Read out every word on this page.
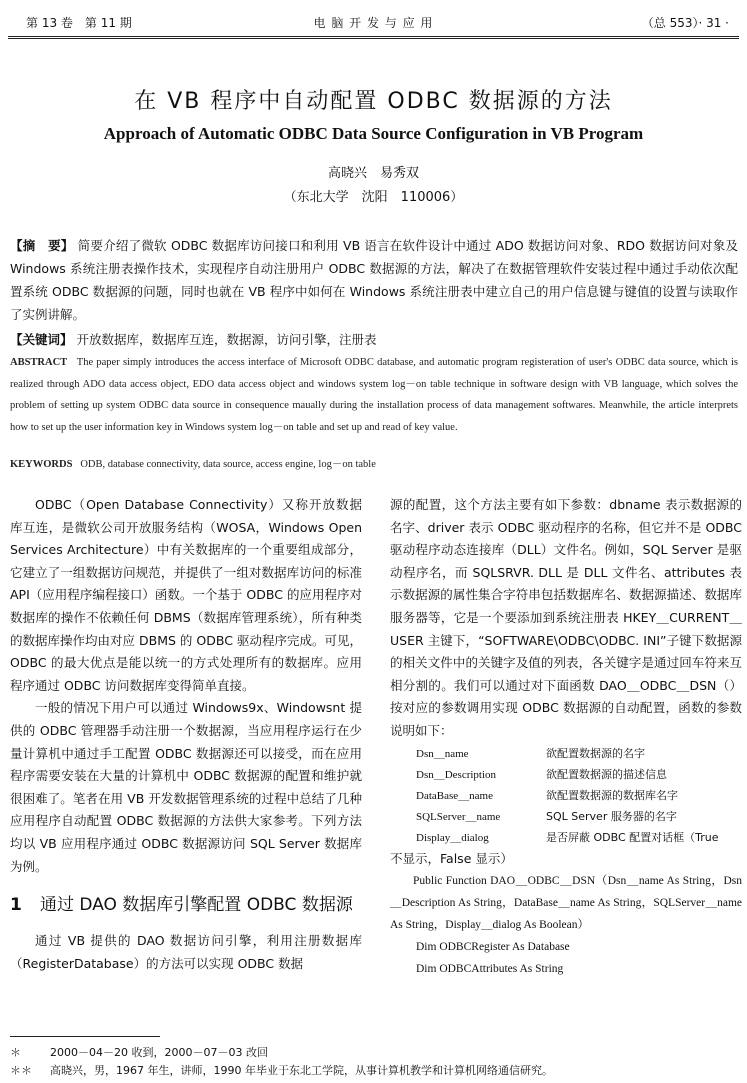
第 13 卷　第 11 期	电 脑 开 发 与 应 用	（总 553）· 31 ·
在 VB 程序中自动配置 ODBC 数据源的方法
Approach of Automatic ODBC Data Source Configuration in VB Program
高晓兴　易秀双
（东北大学　沈阳　110006）
【摘　要】 简要介绍了微软 ODBC 数据库访问接口和利用 VB 语言在软件设计中通过 ADO 数据访问对象、RDO 数据访问对象及 Windows 系统注册表操作技术，实现程序自动注册用户 ODBC 数据源的方法，解决了在数据管理软件安装过程中通过手动依次配置系统 ODBC 数据源的问题，同时也就在 VB 程序中如何在 Windows 系统注册表中建立自己的用户信息键与键值的设置与读取作了实例讲解。
【关键词】 开放数据库，数据库互连，数据源，访问引擎，注册表
ABSTRACT The paper simply introduces the access interface of Microsoft ODBC database, and automatic program registeration of user's ODBC data source, which is realized through ADO data access object, EDO data access object and windows system log－on table technique in software design with VB language, which solves the problem of setting up system ODBC data source in consequence maually during the installation process of data management softwares. Meanwhile, the article interprets how to set up the user information key in Windows system log－on table and set up and read of key value.
KEYWORDS ODB, database connectivity, data source, access engine, log－on table

ODBC（Open Database Connectivity）又称开放数据库互连，是微软公司开放服务结构（WOSA，Windows Open Services Architecture）中有关数据库的一个重要组成部分，它建立了一组数据访问规范，并提供了一组对数据库访问的标准 API（应用程序编程接口）函数。一个基于 ODBC 的应用程序对数据库的操作不依赖任何 DBMS（数据库管理系统），所有种类的数据库操作均由对应 DBMS 的 ODBC 驱动程序完成。可见，ODBC 的最大优点是能以统一的方式处理所有的数据库。应用程序通过 ODBC 访问数据库变得简单直接。

一般的情况下用户可以通过 Windows9x、Windowsnt 提供的 ODBC 管理器手动注册一个数据源，当应用程序运行在少量计算机中通过手工配置 ODBC 数据源还可以接受，而在应用程序需要安装在大量的计算机中 ODBC 数据源的配置和维护就很困难了。笔者在用 VB 开发数据管理系统的过程中总结了几种应用程序自动配置 ODBC 数据源的方法供大家参考。下列方法均以 VB 应用程序通过 ODBC 数据源访问 SQL Server 数据库为例。

1 通过 DAO 数据库引擎配置 ODBC 数据源

通过 VB 提供的 DAO 数据访问引擎，利用注册数据库（RegisterDatabase）的方法可以实现 ODBC 数据

源的配置，这个方法主要有如下参数：dbname 表示数据源的名字、driver 表示 ODBC 驱动程序的名称，但它并不是 ODBC 驱动程序动态连接库（DLL）文件名。例如，SQL Server 是驱动程序名，而 SQLSRVR. DLL 是 DLL 文件名、attributes 表示数据源的属性集合字符串包括数据库名、数据源描述、数据库服务器等，它是一个要添加到系统注册表 HKEY＿CURRENT＿USER 主键下，“SOFTWARE\ODBC\ODBC. INI”子键下数据源的相关文件中的关键字及值的列表，各关键字是通过回车符来互相分割的。我们可以通过对下面函数 DAO＿ODBC＿DSN（）按对应的参数调用实现 ODBC 数据源的自动配置，函数的参数说明如下：

Dsn＿name	欲配置数据源的名字
Dsn＿Description	欲配置数据源的描述信息
DataBase＿name	欲配置数据源的数据库名字
SQLServer＿name	SQL Server 服务器的名字
Display＿dialog	是否屏蔽 ODBC 配置对话框（True

不显示，False 显示）

Public Function DAO＿ODBC＿DSN（Dsn＿name As String，Dsn＿Description As String，DataBase＿name As String，SQLServer＿name As String，Display＿dialog As Boolean）

Dim ODBCRegister As Database

Dim ODBCAttributes As String

＊	2000－04－20 收到，2000－07－03 改回
＊＊ 高晓兴，男，1967 年生，讲师，1990 年毕业于东北工学院，从事计算机教学和计算机网络通信研究。
